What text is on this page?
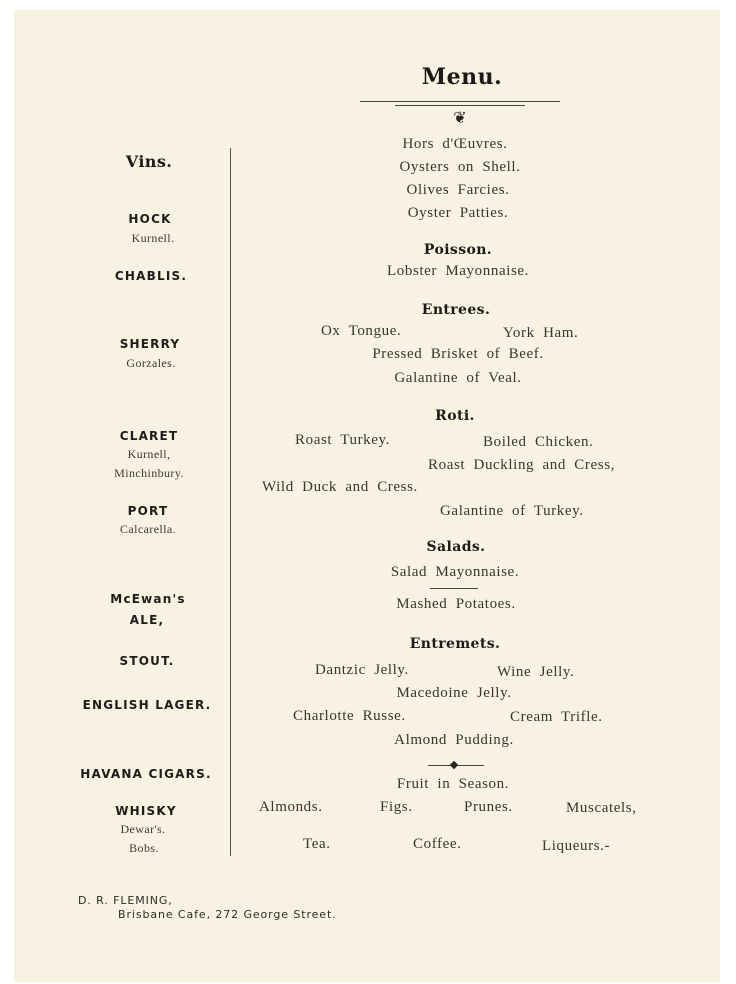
Menu.
❦
Hors d'Œuvres.
Oysters on Shell.
Olives Farcies.
Oyster Patties.
Poisson.
Lobster Mayonnaise.
Entrees.
Ox Tongue.	York Ham.
Pressed Brisket of Beef.
Galantine of Veal.
Roti.
Roast Turkey.	Boiled Chicken.
Roast Duckling and Cress,
Wild Duck and Cress.
Galantine of Turkey.
Salads.
Salad Mayonnaise.
Mashed Potatoes.
Entremets.
Dantzic Jelly.	Wine Jelly.
Macedoine Jelly.
Charlotte Russe.	Cream Trifle.
Almond Pudding.
Fruit in Season.
Almonds.	Figs.	Prunes.	Muscatels,
Tea.	Coffee.	Liqueurs.-
Vins.
HOCK
Kurnell.
CHABLIS.
SHERRY
Gorzales.
CLARET
Kurnell,
Minchinbury.
PORT
Calcarella.
McEwan's
ALE,
STOUT.
ENGLISH LAGER.
HAVANA CIGARS.
WHISKY
Dewar's.
Bobs.
D. R. FLEMING,
Brisbane Cafe, 272 George Street.
